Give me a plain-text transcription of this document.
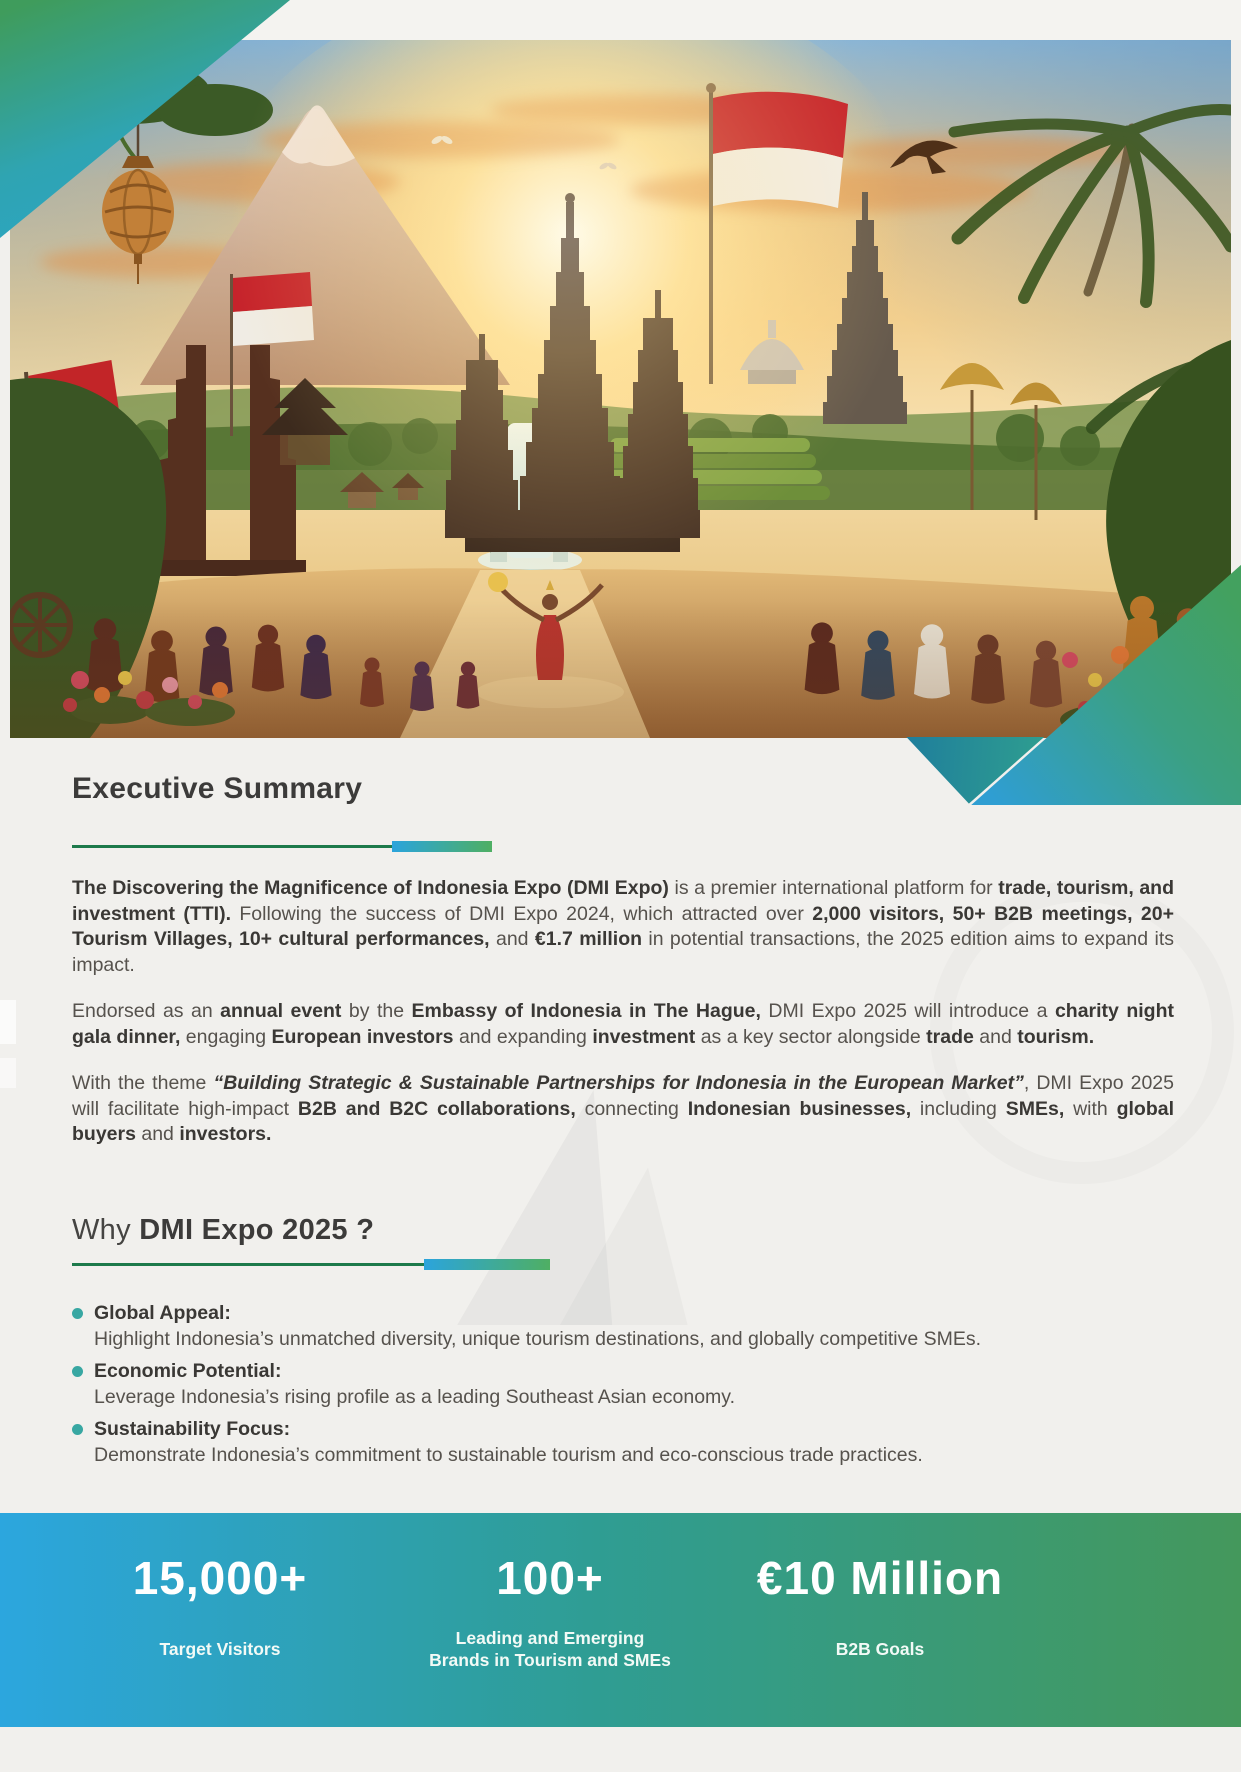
Executive Summary

The Discovering the Magnificence of Indonesia Expo (DMI Expo) is a premier international platform for trade, tourism, and investment (TTI). Following the success of DMI Expo 2024, which attracted over 2,000 visitors, 50+ B2B meetings, 20+ Tourism Villages, 10+ cultural performances, and €1.7 million in potential transactions, the 2025 edition aims to expand its impact.

Endorsed as an annual event by the Embassy of Indonesia in The Hague, DMI Expo 2025 will introduce a charity night gala dinner, engaging European investors and expanding investment as a key sector alongside trade and tourism.

With the theme “Building Strategic & Sustainable Partnerships for Indonesia in the European Market”, DMI Expo 2025 will facilitate high-impact B2B and B2C collaborations, connecting Indonesian businesses, including SMEs, with global buyers and investors.

Why DMI Expo 2025 ?
Global Appeal:
Highlight Indonesia’s unmatched diversity, unique tourism destinations, and globally competitive SMEs.
Economic Potential:
Leverage Indonesia’s rising profile as a leading Southeast Asian economy.
Sustainability Focus:
Demonstrate Indonesia’s commitment to sustainable tourism and eco-conscious trade practices.
15,000+
Target Visitors
100+
Leading and Emerging
Brands in Tourism and SMEs
€10 Million
B2B Goals
